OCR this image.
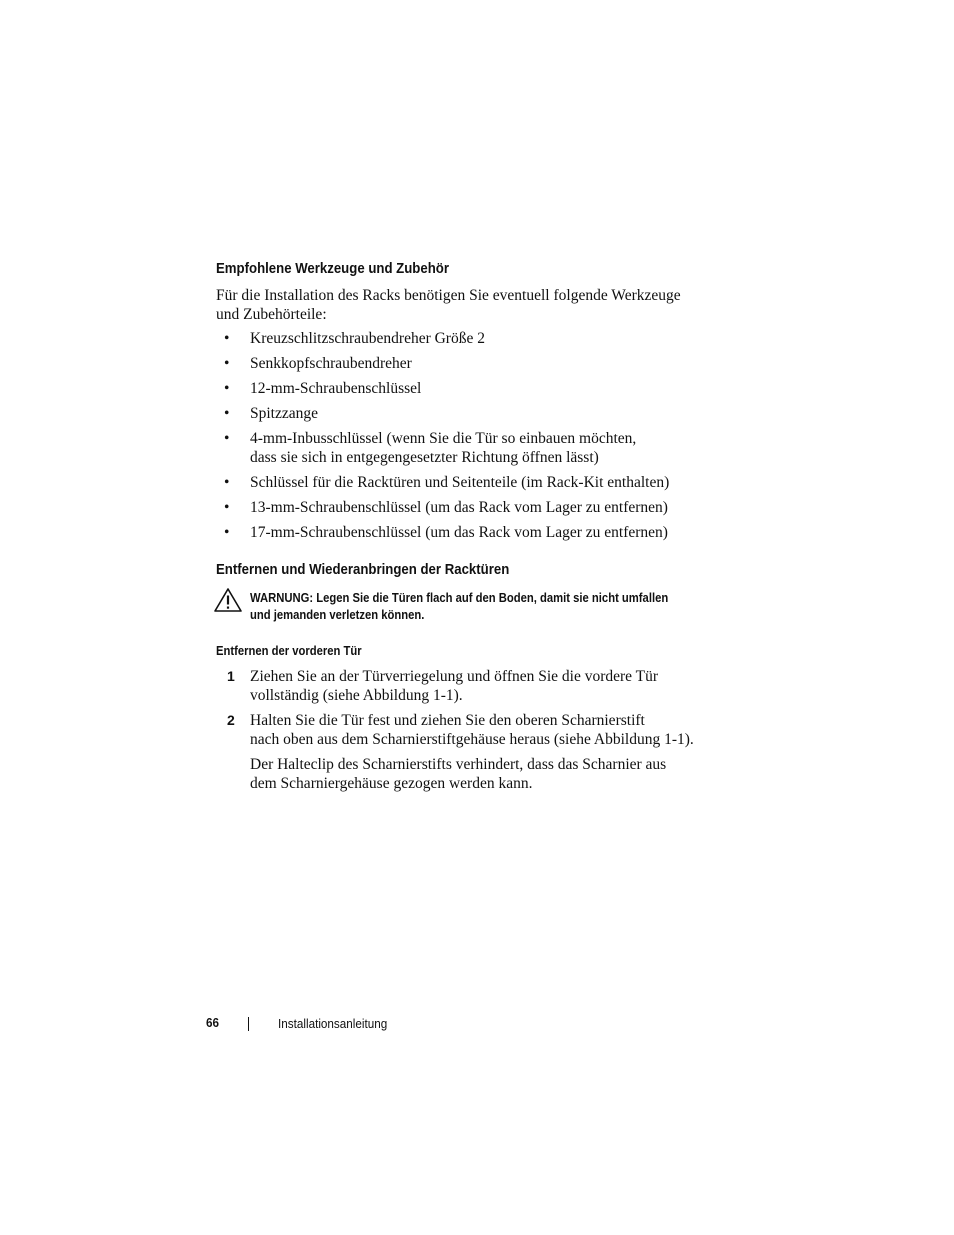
Empfohlene Werkzeuge und Zubehör
Für die Installation des Racks benötigen Sie eventuell folgende Werkzeuge
und Zubehörteile:
• Kreuzschlitzschraubendreher Größe 2
• Senkkopfschraubendreher
• 12-mm-Schraubenschlüssel
• Spitzzange
• 4-mm-Inbusschlüssel (wenn Sie die Tür so einbauen möchten,
dass sie sich in entgegengesetzter Richtung öffnen lässt)
• Schlüssel für die Racktüren und Seitenteile (im Rack-Kit enthalten)
• 13-mm-Schraubenschlüssel (um das Rack vom Lager zu entfernen)
• 17-mm-Schraubenschlüssel (um das Rack vom Lager zu entfernen)
Entfernen und Wiederanbringen der Racktüren
WARNUNG: Legen Sie die Türen flach auf den Boden, damit sie nicht umfallen
und jemanden verletzen können.
Entfernen der vorderen Tür
1 Ziehen Sie an der Türverriegelung und öffnen Sie die vordere Tür
vollständig (siehe Abbildung 1-1).
2 Halten Sie die Tür fest und ziehen Sie den oberen Scharnierstift
nach oben aus dem Scharnierstiftgehäuse heraus (siehe Abbildung 1-1).
Der Halteclip des Scharnierstifts verhindert, dass das Scharnier aus
dem Scharniergehäuse gezogen werden kann.
66	Installationsanleitung
